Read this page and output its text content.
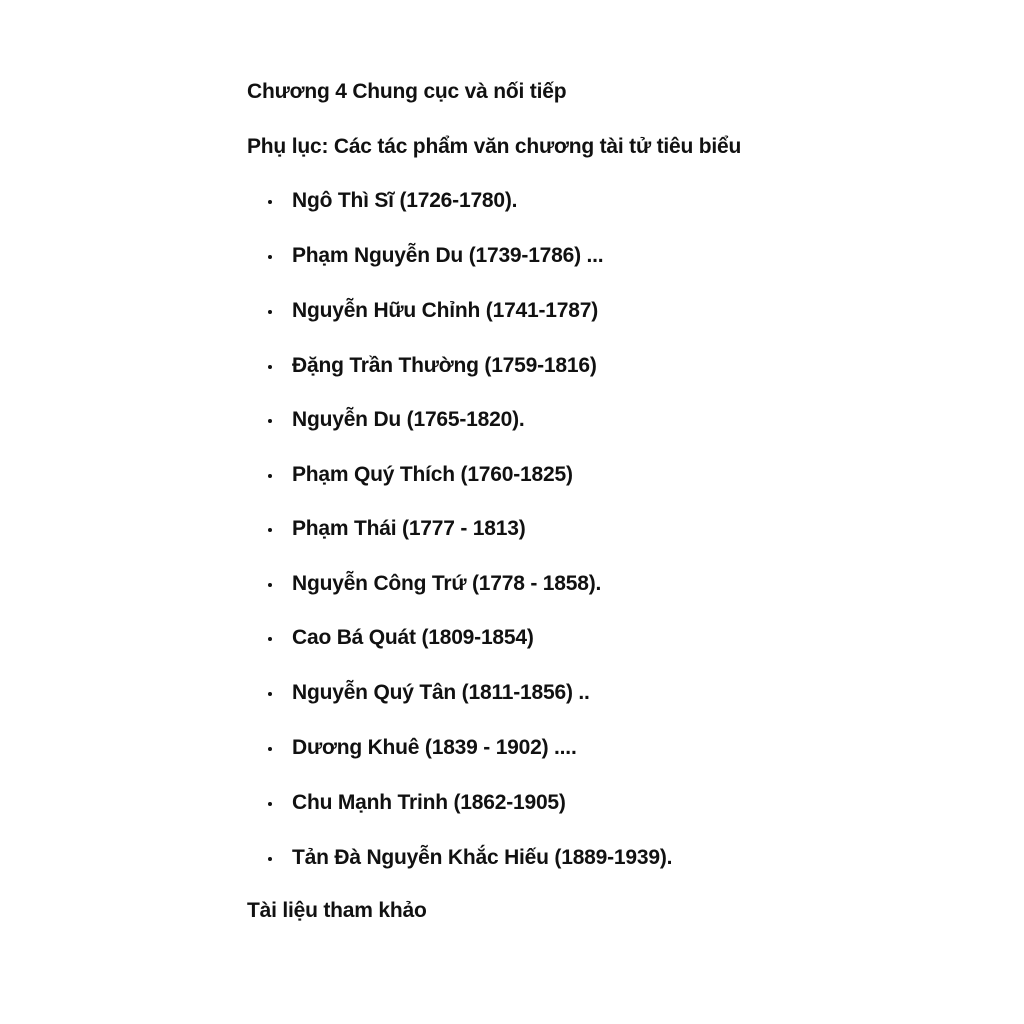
Chương 4 Chung cục và nối tiếp
Phụ lục: Các tác phẩm văn chương tài tử tiêu biểu
Ngô Thì Sĩ (1726-1780).
Phạm Nguyễn Du (1739-1786) ...
Nguyễn Hữu Chỉnh (1741-1787)
Đặng Trần Thường (1759-1816)
Nguyễn Du (1765-1820).
Phạm Quý Thích (1760-1825)
Phạm Thái (1777 - 1813)
Nguyễn Công Trứ (1778 - 1858).
Cao Bá Quát (1809-1854)
Nguyễn Quý Tân (1811-1856) ..
Dương Khuê (1839 - 1902) ....
Chu Mạnh Trinh (1862-1905)
Tản Đà Nguyễn Khắc Hiếu (1889-1939).
Tài liệu tham khảo
